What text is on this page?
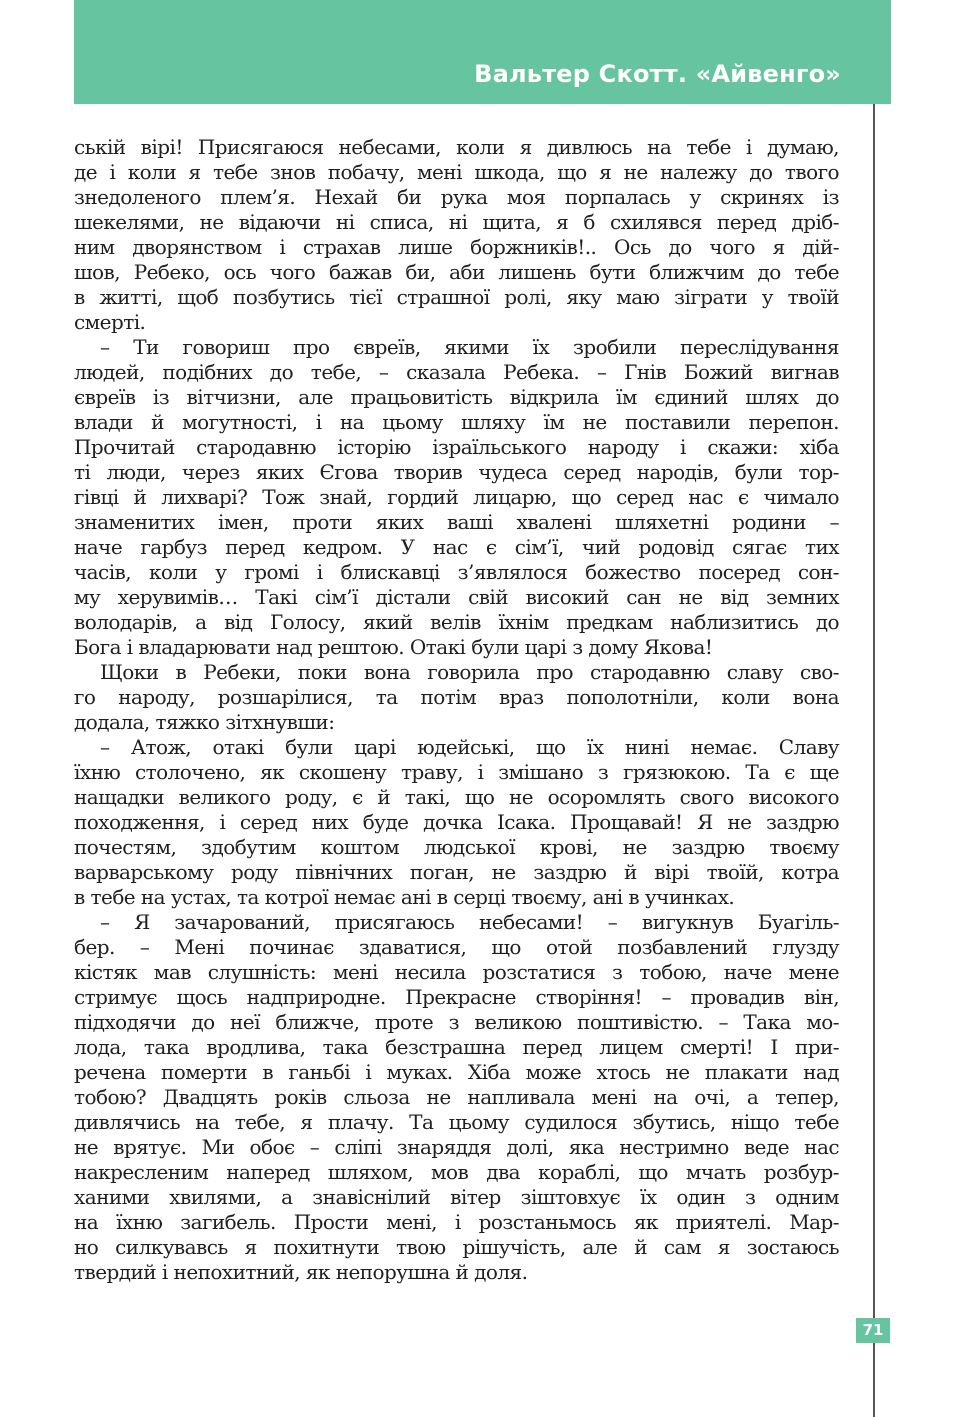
Вальтер Скотт. «Айвенго»
ській вірі! Присягаюся небесами, коли я дивлюсь на тебе і думаю,
де і коли я тебе знов побачу, мені шкода, що я не належу до твого
знедоленого плем’я. Нехай би рука моя порпалась у скринях із
шекелями, не відаючи ні списа, ні щита, я б схилявся перед дріб-
ним дворянством і страхав лише боржників!.. Ось до чого я дій-
шов, Ребеко, ось чого бажав би, аби лишень бути ближчим до тебе
в житті, щоб позбутись тієї страшної ролі, яку маю зіграти у твоїй
смерті.
– Ти говориш про євреїв, якими їх зробили переслідування
людей, подібних до тебе, – сказала Ребека. – Гнів Божий вигнав
євреїв із вітчизни, але працьовитість відкрила їм єдиний шлях до
влади й могутності, і на цьому шляху їм не поставили перепон.
Прочитай стародавню історію ізраїльського народу і скажи: хіба
ті люди, через яких Єгова творив чудеса серед народів, були тор-
гівці й лихварі? Тож знай, гордий лицарю, що серед нас є чимало
знаменитих імен, проти яких ваші хвалені шляхетні родини –
наче гарбуз перед кедром. У нас є сім’ї, чий родовід сягає тих
часів, коли у громі і блискавці з’являлося божество посеред сон-
му херувимів… Такі сім’ї дістали свій високий сан не від земних
володарів, а від Голосу, який велів їхнім предкам наблизитись до
Бога і владарювати над рештою. Отакі були царі з дому Якова!
Щоки в Ребеки, поки вона говорила про стародавню славу сво-
го народу, розшарілися, та потім враз пополотніли, коли вона
додала, тяжко зітхнувши:
– Атож, отакі були царі юдейські, що їх нині немає. Славу
їхню столочено, як скошену траву, і змішано з грязюкою. Та є ще
нащадки великого роду, є й такі, що не осоромлять свого високого
походження, і серед них буде дочка Ісака. Прощавай! Я не заздрю
почестям, здобутим коштом людської крові, не заздрю твоєму
варварському роду північних поган, не заздрю й вірі твоїй, котра
в тебе на устах, та котрої немає ані в серці твоєму, ані в учинках.
– Я зачарований, присягаюсь небесами! – вигукнув Буагіль-
бер. – Мені починає здаватися, що отой позбавлений глузду
кістяк мав слушність: мені несила розстатися з тобою, наче мене
стримує щось надприродне. Прекрасне створіння! – провадив він,
підходячи до неї ближче, проте з великою поштивістю. – Така мо-
лода, така вродлива, така безстрашна перед лицем смерті! І при-
речена померти в ганьбі і муках. Хіба може хтось не плакати над
тобою? Двадцять років сльоза не напливала мені на очі, а тепер,
дивлячись на тебе, я плачу. Та цьому судилося збутись, ніщо тебе
не врятує. Ми обоє – сліпі знаряддя долі, яка нестримно веде нас
накресленим наперед шляхом, мов два кораблі, що мчать розбур-
ханими хвилями, а знавіснілий вітер зіштовхує їх один з одним
на їхню загибель. Прости мені, і розстаньмось як приятелі. Мар-
но силкувавсь я похитнути твою рішучість, але й сам я зостаюсь
твердий і непохитний, як непорушна й доля.
71
